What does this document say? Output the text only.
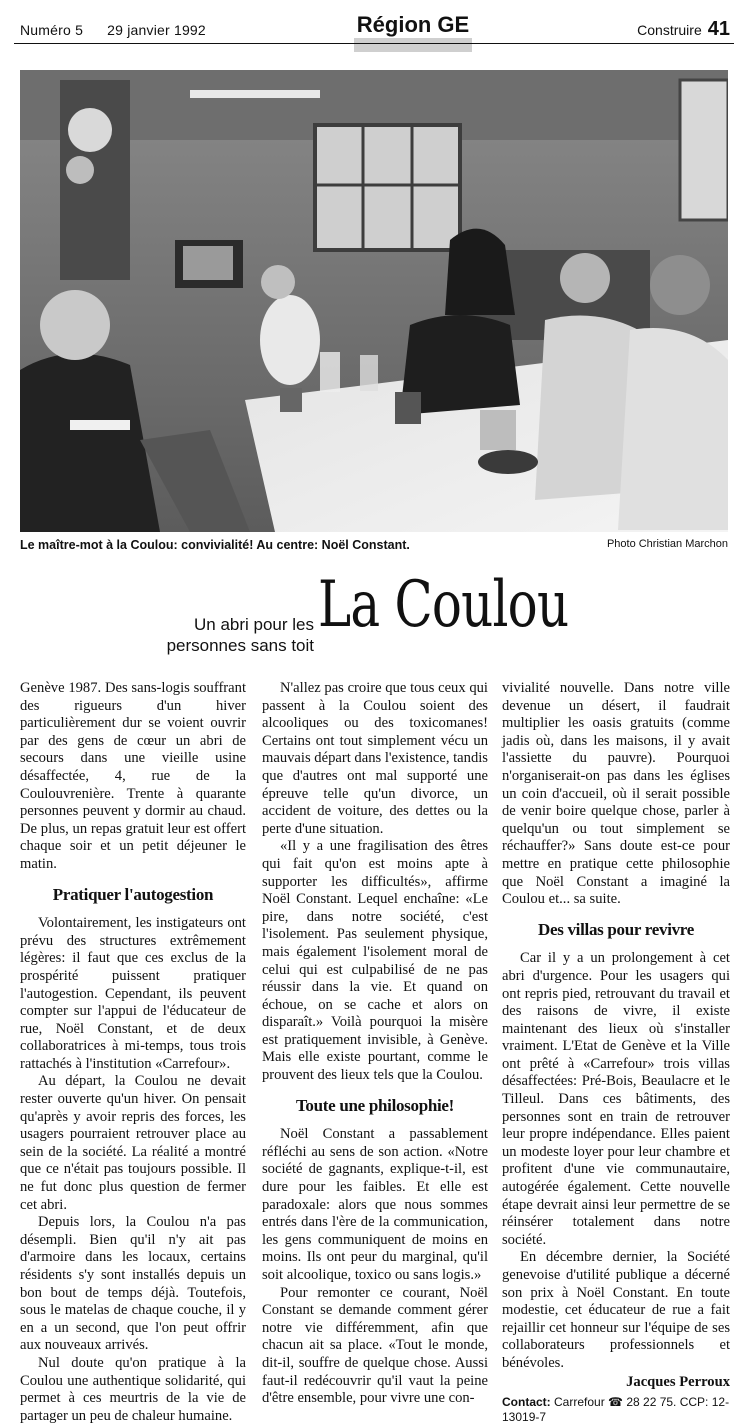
Numéro 5 29 janvier 1992	Région GE	Construire 41
Le maître-mot à la Coulou: convivialité! Au centre: Noël Constant.	Photo Christian Marchon
Un abri pour les personnes sans toit
La Coulou

Genève 1987. Des sans-logis souffrant des rigueurs d'un hiver particulièrement dur se voient ouvrir par des gens de cœur un abri de secours dans une vieille usine désaffectée, 4, rue de la Coulouvrenière. Trente à quarante personnes peuvent y dormir au chaud. De plus, un repas gratuit leur est offert chaque soir et un petit déjeuner le matin.

Pratiquer l'autogestion

Volontairement, les instigateurs ont prévu des structures extrêmement légères: il faut que ces exclus de la prospérité puissent pratiquer l'autogestion. Cependant, ils peuvent compter sur l'appui de l'éducateur de rue, Noël Constant, et de deux collaboratrices à mi-temps, tous trois rattachés à l'institution «Carrefour».

Au départ, la Coulou ne devait rester ouverte qu'un hiver. On pensait qu'après y avoir repris des forces, les usagers pourraient retrouver place au sein de la société. La réalité a montré que ce n'était pas toujours possible. Il ne fut donc plus question de fermer cet abri.

Depuis lors, la Coulou n'a pas désempli. Bien qu'il n'y ait pas d'armoire dans les locaux, certains résidents s'y sont installés depuis un bon bout de temps déjà. Toutefois, sous le matelas de chaque couche, il y en a un second, que l'on peut offrir aux nouveaux arrivés.

Nul doute qu'on pratique à la Coulou une authentique solidarité, qui permet à ces meurtris de la vie de partager un peu de chaleur humaine.

N'allez pas croire que tous ceux qui passent à la Coulou soient des alcooliques ou des toxicomanes! Certains ont tout simplement vécu un mauvais départ dans l'existence, tandis que d'autres ont mal supporté une épreuve telle qu'un divorce, un accident de voiture, des dettes ou la perte d'une situation.

«Il y a une fragilisation des êtres qui fait qu'on est moins apte à supporter les difficultés», affirme Noël Constant. Lequel enchaîne: «Le pire, dans notre société, c'est l'isolement. Pas seulement physique, mais également l'isolement moral de celui qui est culpabilisé de ne pas réussir dans la vie. Et quand on échoue, on se cache et alors on disparaît.» Voilà pourquoi la misère est pratiquement invisible, à Genève. Mais elle existe pourtant, comme le prouvent des lieux tels que la Coulou.

Toute une philosophie!

Noël Constant a passablement réfléchi au sens de son action. «Notre société de gagnants, explique-t-il, est dure pour les faibles. Et elle est paradoxale: alors que nous sommes entrés dans l'ère de la communication, les gens communiquent de moins en moins. Ils ont peur du marginal, qu'il soit alcoolique, toxico ou sans logis.»

Pour remonter ce courant, Noël Constant se demande comment gérer notre vie différemment, afin que chacun ait sa place. «Tout le monde, dit-il, souffre de quelque chose. Aussi faut-il redécouvrir qu'il vaut la peine d'être ensemble, pour vivre une con-

vivialité nouvelle. Dans notre ville devenue un désert, il faudrait multiplier les oasis gratuits (comme jadis où, dans les maisons, il y avait l'assiette du pauvre). Pourquoi n'organiserait-on pas dans les églises un coin d'accueil, où il serait possible de venir boire quelque chose, parler à quelqu'un ou tout simplement se réchauffer?» Sans doute est-ce pour mettre en pratique cette philosophie que Noël Constant a imaginé la Coulou et... sa suite.

Des villas pour revivre

Car il y a un prolongement à cet abri d'urgence. Pour les usagers qui ont repris pied, retrouvant du travail et des raisons de vivre, il existe maintenant des lieux où s'installer vraiment. L'Etat de Genève et la Ville ont prêté à «Carrefour» trois villas désaffectées: Pré-Bois, Beaulacre et le Tilleul. Dans ces bâtiments, des personnes sont en train de retrouver leur propre indépendance. Elles paient un modeste loyer pour leur chambre et profitent d'une vie communautaire, autogérée également. Cette nouvelle étape devrait ainsi leur permettre de se réinsérer totalement dans notre société.

En décembre dernier, la Société genevoise d'utilité publique a décerné son prix à Noël Constant. En toute modestie, cet éducateur de rue a fait rejaillir cet honneur sur l'équipe de ses collaborateurs professionnels et bénévoles.

Jacques Perroux
Contact: Carrefour ☎ 28 22 75. CCP: 12-13019-7
